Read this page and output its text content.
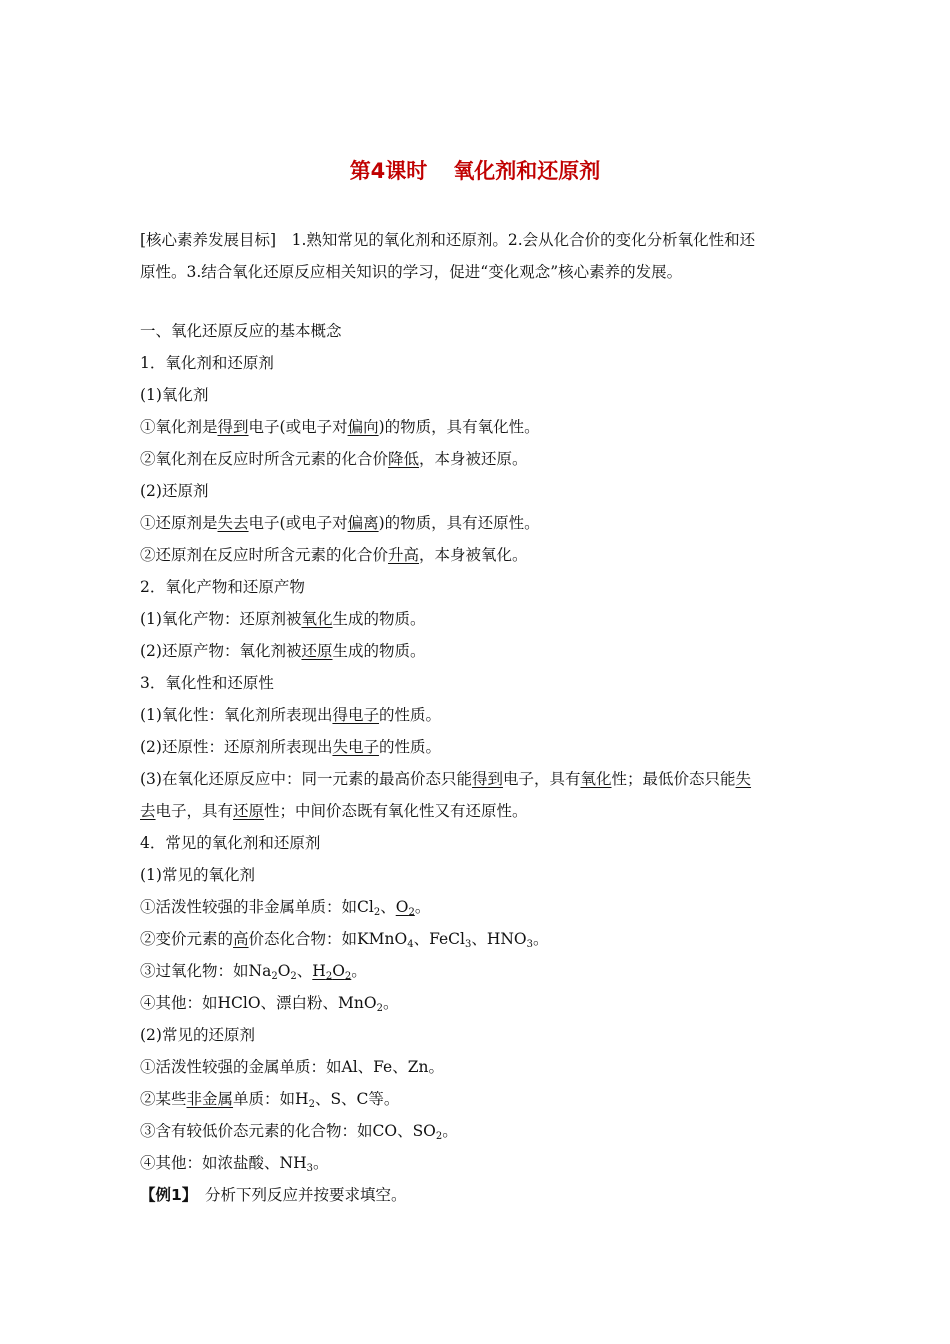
第4课时 氧化剂和还原剂
[核心素养发展目标]　1.熟知常见的氧化剂和还原剂。2.会从化合价的变化分析氧化性和还
原性。3.结合氧化还原反应相关知识的学习，促进“变化观念”核心素养的发展。
一、氧化还原反应的基本概念
1．氧化剂和还原剂
(1)氧化剂
①氧化剂是得到电子(或电子对偏向)的物质，具有氧化性。
②氧化剂在反应时所含元素的化合价降低，本身被还原。
(2)还原剂
①还原剂是失去电子(或电子对偏离)的物质，具有还原性。
②还原剂在反应时所含元素的化合价升高，本身被氧化。
2．氧化产物和还原产物
(1)氧化产物：还原剂被氧化生成的物质。
(2)还原产物：氧化剂被还原生成的物质。
3．氧化性和还原性
(1)氧化性：氧化剂所表现出得电子的性质。
(2)还原性：还原剂所表现出失电子的性质。
(3)在氧化还原反应中：同一元素的最高价态只能得到电子，具有氧化性；最低价态只能失
去电子，具有还原性；中间价态既有氧化性又有还原性。
4．常见的氧化剂和还原剂
(1)常见的氧化剂
①活泼性较强的非金属单质：如$Cl_2$、$O_2$。
②变价元素的高价态化合物：如KMnO$_4$、FeCl$_3$、$HNO_3$。
③过氧化物：如$Na_2O_2$、$H_2O_2$。
④其他：如HClO、漂白粉、MnO$_2$。
(2)常见的还原剂
①活泼性较强的金属单质：如Al、Fe、Zn。
②某些非金属单质：如$H_2$、S、C等。
③含有较低价态元素的化合物：如CO、$SO_2$。
④其他：如浓盐酸、$NH_3$。
【例1】　分析下列反应并按要求填空。
